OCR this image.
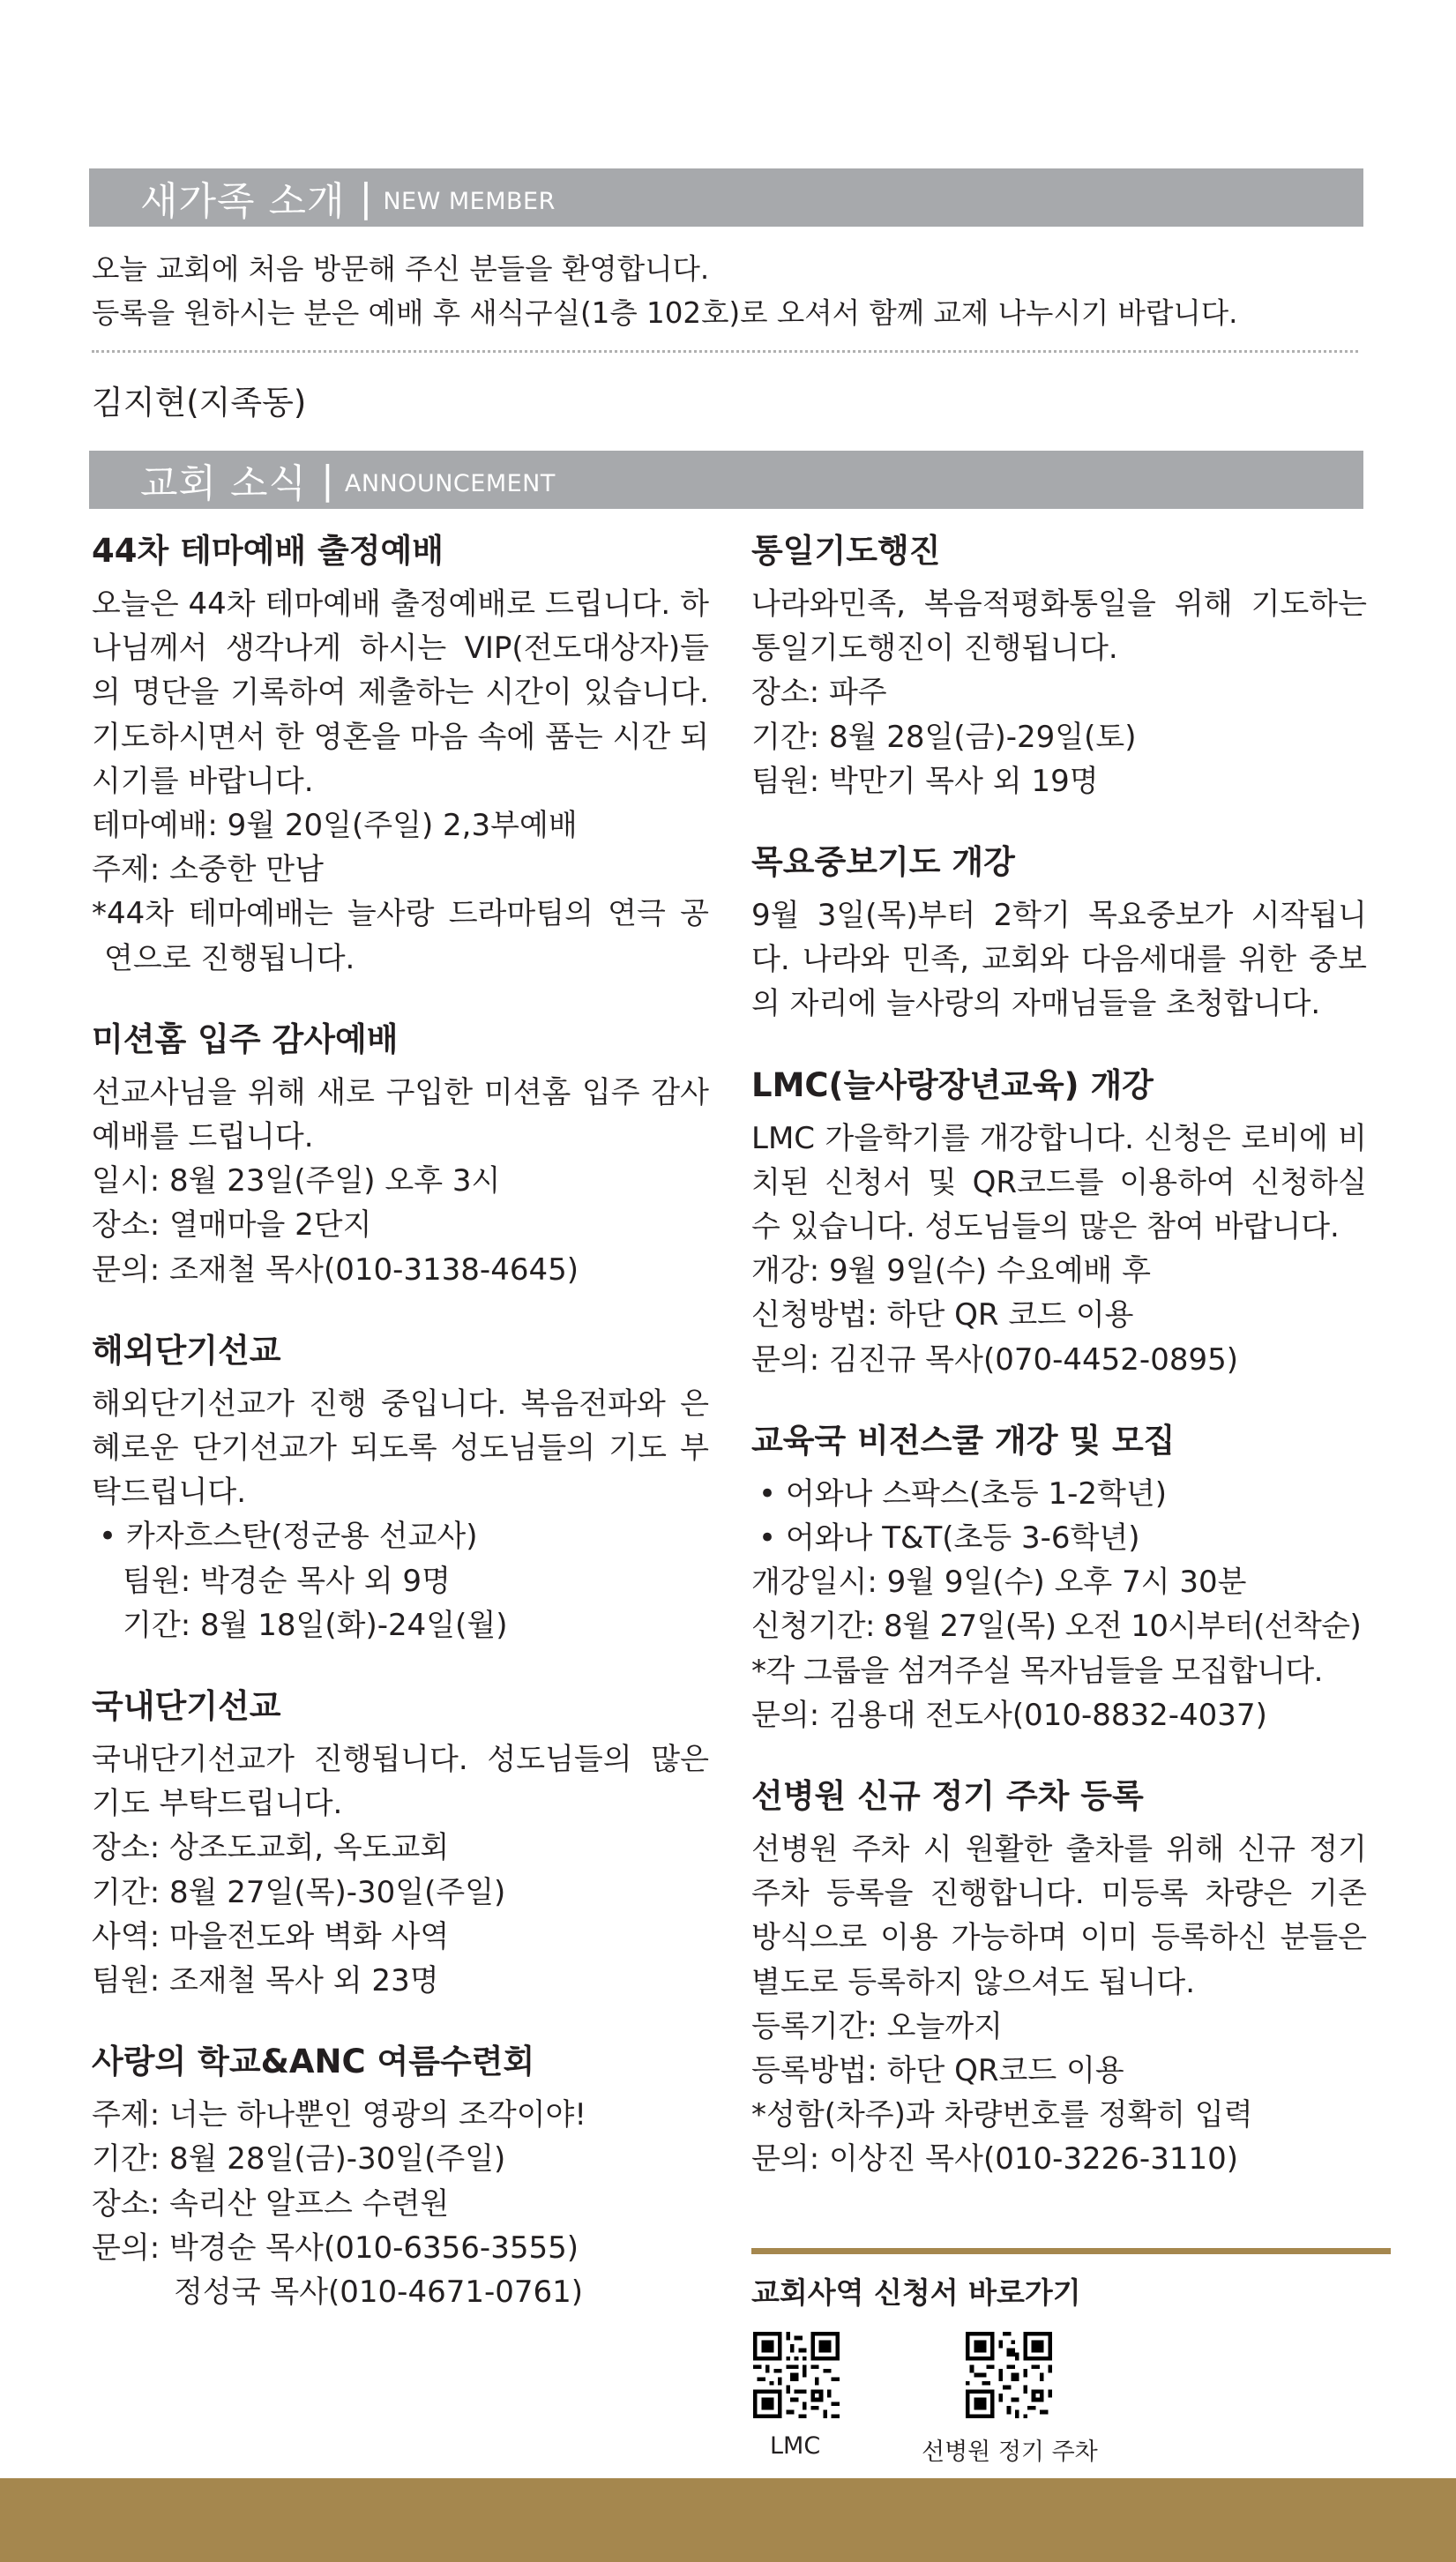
새가족 소개 | NEW MEMBER
오늘 교회에 처음 방문해 주신 분들을 환영합니다.
등록을 원하시는 분은 예배 후 새식구실(1층 102호)로 오셔서 함께 교제 나누시기 바랍니다.
김지현(지족동)
교회 소식 | ANNOUNCEMENT
44차 테마예배 출정예배
오늘은 44차 테마예배 출정예배로 드립니다. 하나님께서 생각나게 하시는 VIP(전도대상자)들의 명단을 기록하여 제출하는 시간이 있습니다. 기도하시면서 한 영혼을 마음 속에 품는 시간 되시기를 바랍니다.
테마예배: 9월 20일(주일) 2,3부예배
주제: 소중한 만남
*44차 테마예배는 늘사랑 드라마팀의 연극 공연으로 진행됩니다.
미션홈 입주 감사예배
선교사님을 위해 새로 구입한 미션홈 입주 감사예배를 드립니다.
일시: 8월 23일(주일) 오후 3시
장소: 열매마을 2단지
문의: 조재철 목사(010-3138-4645)
해외단기선교
해외단기선교가 진행 중입니다. 복음전파와 은혜로운 단기선교가 되도록 성도님들의 기도 부탁드립니다.
• 카자흐스탄(정군용 선교사)
팀원: 박경순 목사 외 9명
기간: 8월 18일(화)-24일(월)
국내단기선교
국내단기선교가 진행됩니다. 성도님들의 많은 기도 부탁드립니다.
장소: 상조도교회, 옥도교회
기간: 8월 27일(목)-30일(주일)
사역: 마을전도와 벽화 사역
팀원: 조재철 목사 외 23명
사랑의 학교&ANC 여름수련회
주제: 너는 하나뿐인 영광의 조각이야!
기간: 8월 28일(금)-30일(주일)
장소: 속리산 알프스 수련원
문의: 박경순 목사(010-6356-3555)
정성국 목사(010-4671-0761)
통일기도행진
나라와민족, 복음적평화통일을 위해 기도하는 통일기도행진이 진행됩니다.
장소: 파주
기간: 8월 28일(금)-29일(토)
팀원: 박만기 목사 외 19명
목요중보기도 개강
9월 3일(목)부터 2학기 목요중보가 시작됩니다. 나라와 민족, 교회와 다음세대를 위한 중보의 자리에 늘사랑의 자매님들을 초청합니다.
LMC(늘사랑장년교육) 개강
LMC 가을학기를 개강합니다. 신청은 로비에 비치된 신청서 및 QR코드를 이용하여 신청하실 수 있습니다. 성도님들의 많은 참여 바랍니다.
개강: 9월 9일(수) 수요예배 후
신청방법: 하단 QR 코드 이용
문의: 김진규 목사(070-4452-0895)
교육국 비전스쿨 개강 및 모집
• 어와나 스팍스(초등 1-2학년)
• 어와나 T&T(초등 3-6학년)
개강일시: 9월 9일(수) 오후 7시 30분
신청기간: 8월 27일(목) 오전 10시부터(선착순)
*각 그룹을 섬겨주실 목자님들을 모집합니다.
문의: 김용대 전도사(010-8832-4037)
선병원 신규 정기 주차 등록
선병원 주차 시 원활한 출차를 위해 신규 정기 주차 등록을 진행합니다. 미등록 차량은 기존 방식으로 이용 가능하며 이미 등록하신 분들은 별도로 등록하지 않으셔도 됩니다.
등록기간: 오늘까지
등록방법: 하단 QR코드 이용
*성함(차주)과 차량번호를 정확히 입력
문의: 이상진 목사(010-3226-3110)
교회사역 신청서 바로가기
LMC	선병원 정기 주차
